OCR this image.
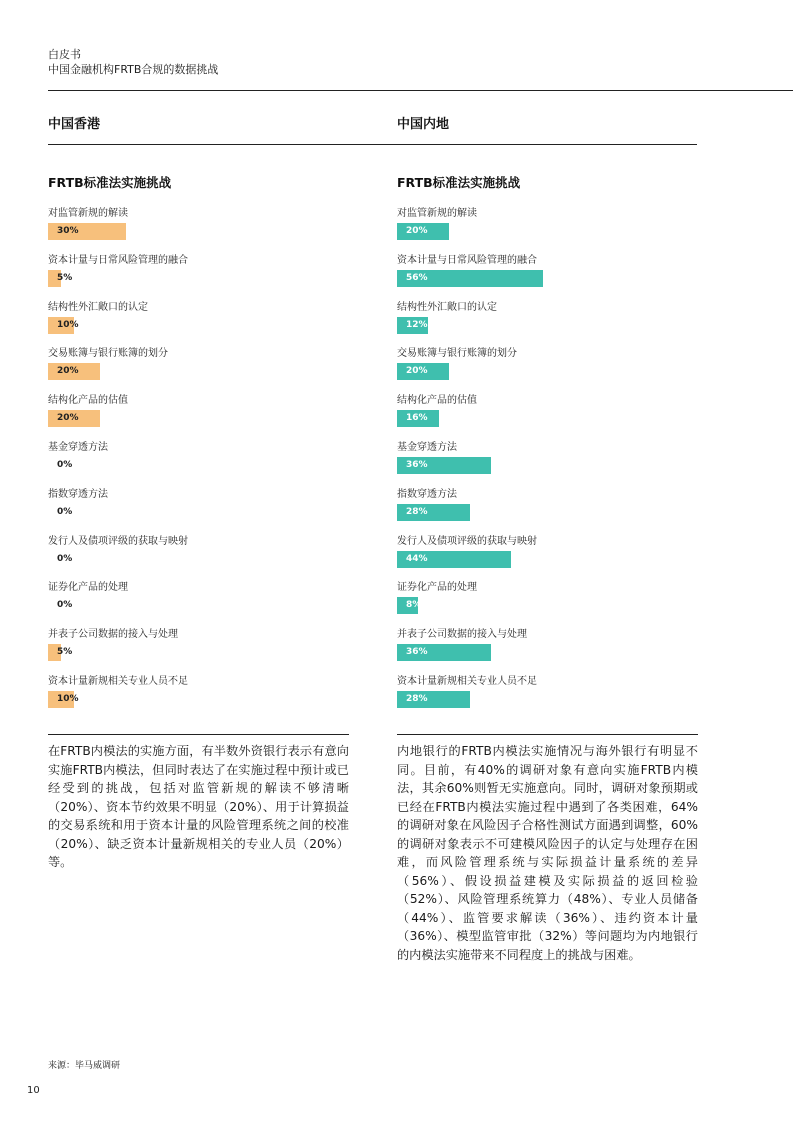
白皮书
中国金融机构FRTB合规的数据挑战
中国香港	中国内地
FRTB标准法实施挑战	FRTB标准法实施挑战
对监管新规的解读
30%
资本计量与日常风险管理的融合
5%
结构性外汇敞口的认定
10%
交易账簿与银行账簿的划分
20%
结构化产品的估值
20%
基金穿透方法
0%
指数穿透方法
0%
发行人及债项评级的获取与映射
0%
证券化产品的处理
0%
并表子公司数据的接入与处理
5%
资本计量新规相关专业人员不足
10%
对监管新规的解读
20%
资本计量与日常风险管理的融合
56%
结构性外汇敞口的认定
12%
交易账簿与银行账簿的划分
20%
结构化产品的估值
16%
基金穿透方法
36%
指数穿透方法
28%
发行人及债项评级的获取与映射
44%
证券化产品的处理
8%
并表子公司数据的接入与处理
36%
资本计量新规相关专业人员不足
28%
在FRTB内模法的实施方面，有半数外资银行表示有意向实施FRTB内模法，但同时表达了在实施过程中预计或已经受到的挑战，包括对监管新规的解读不够清晰（20%）、资本节约效果不明显（20%）、用于计算损益的交易系统和用于资本计量的风险管理系统之间的校准（20%）、缺乏资本计量新规相关的专业人员（20%）等。
内地银行的FRTB内模法实施情况与海外银行有明显不同。目前，有40%的调研对象有意向实施FRTB内模法，其余60%则暂无实施意向。同时，调研对象预期或已经在FRTB内模法实施过程中遇到了各类困难，64%的调研对象在风险因子合格性测试方面遇到调整，60%的调研对象表示不可建模风险因子的认定与处理存在困难，而风险管理系统与实际损益计量系统的差异（56%）、假设损益建模及实际损益的返回检验（52%）、风险管理系统算力（48%）、专业人员储备（44%）、监管要求解读（36%）、违约资本计量（36%）、模型监管审批（32%）等问题均为内地银行的内模法实施带来不同程度上的挑战与困难。
来源：毕马威调研
10
